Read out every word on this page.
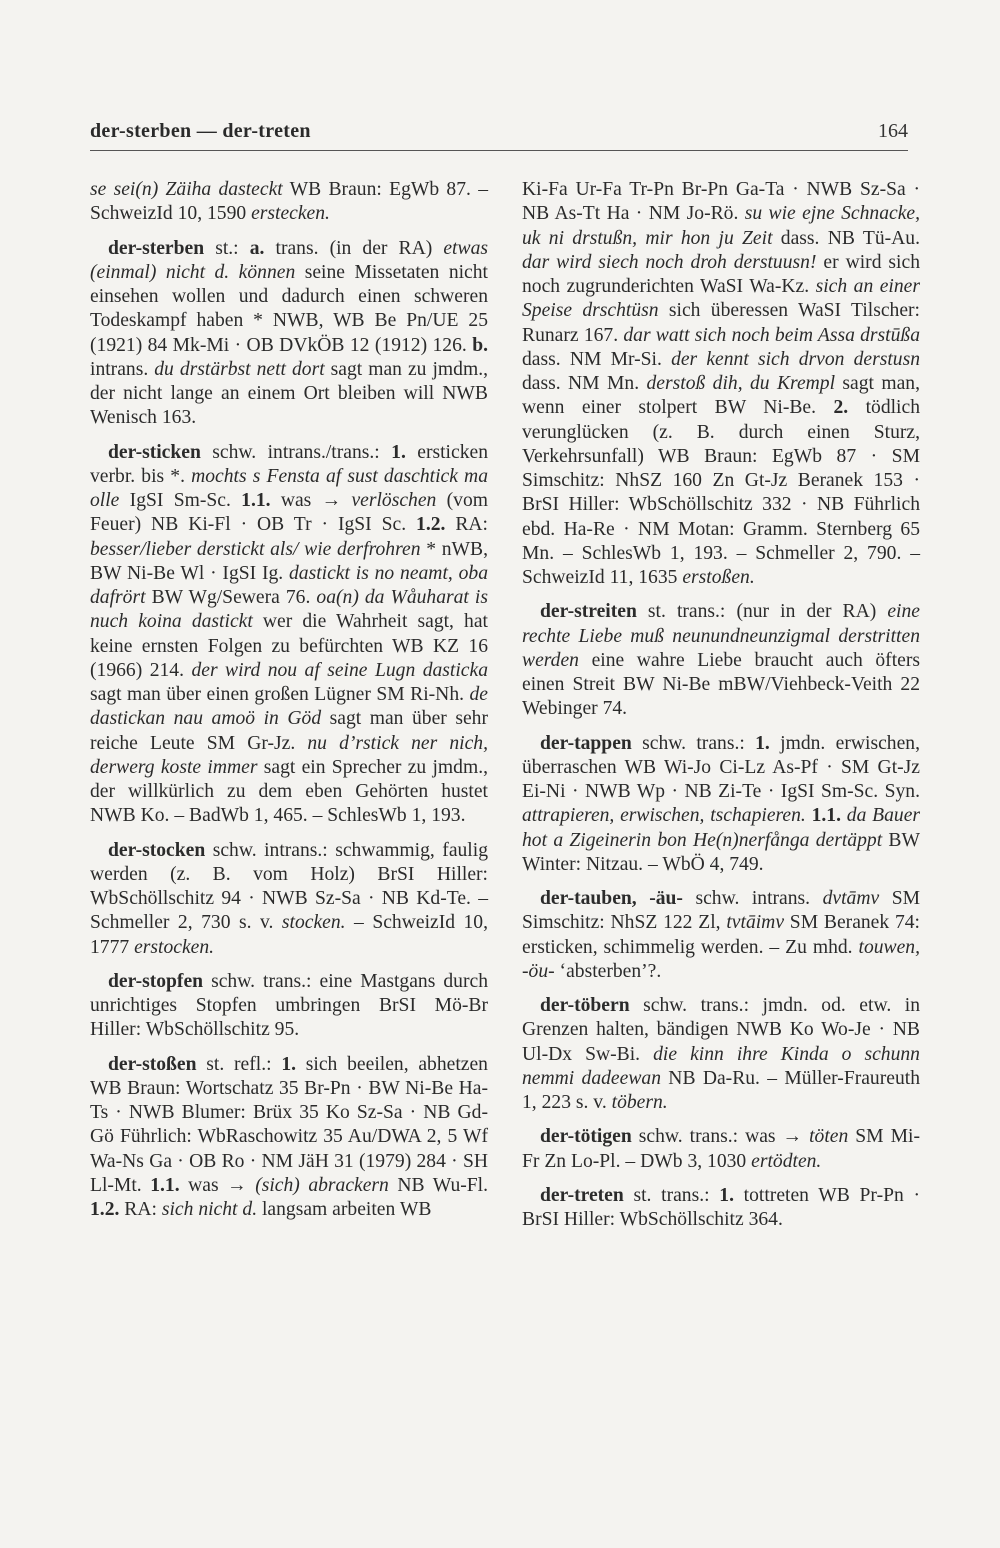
der-sterben — der-treten	164

se sei(n) Zäiha dasteckt WB Braun: EgWb 87. – SchweizId 10, 1590 erstecken.

der-sterben st.: a. trans. (in der RA) etwas (einmal) nicht d. können seine Missetaten nicht einsehen wollen und dadurch einen schweren Todeskampf haben * NWB, WB Be Pn/UE 25 (1921) 84 Mk-Mi · OB DVkÖB 12 (1912) 126. b. intrans. du drstärbst nett dort sagt man zu jmdm., der nicht lange an einem Ort bleiben will NWB Wenisch 163.

der-sticken schw. intrans./trans.: 1. ersticken verbr. bis *. mochts s Fensta af sust daschtick ma olle IgSI Sm-Sc. 1.1. was → verlöschen (vom Feuer) NB Ki-Fl · OB Tr · IgSI Sc. 1.2. RA: besser/lieber derstickt als/ wie derfrohren * nWB, BW Ni-Be Wl · IgSI Ig. dastickt is no neamt, oba dafrört BW Wg/Sewera 76. oa(n) da Wåuharat is nuch koina dastickt wer die Wahrheit sagt, hat keine ernsten Folgen zu befürchten WB KZ 16 (1966) 214. der wird nou af seine Lugn dasticka sagt man über einen großen Lügner SM Ri-Nh. de dastickan nau amoö in Göd sagt man über sehr reiche Leute SM Gr-Jz. nu d’rstick ner nich, derwerg koste immer sagt ein Sprecher zu jmdm., der willkürlich zu dem eben Gehörten hustet NWB Ko. – BadWb 1, 465. – SchlesWb 1, 193.

der-stocken schw. intrans.: schwammig, faulig werden (z. B. vom Holz) BrSI Hiller: WbSchöllschitz 94 · NWB Sz-Sa · NB Kd-Te. – Schmeller 2, 730 s. v. stocken. – SchweizId 10, 1777 erstocken.

der-stopfen schw. trans.: eine Mastgans durch unrichtiges Stopfen umbringen BrSI Mö-Br Hiller: WbSchöllschitz 95.

der-stoßen st. refl.: 1. sich beeilen, abhetzen WB Braun: Wortschatz 35 Br-Pn · BW Ni-Be Ha-Ts · NWB Blumer: Brüx 35 Ko Sz-Sa · NB Gd-Gö Führlich: WbRaschowitz 35 Au/DWA 2, 5 Wf Wa-Ns Ga · OB Ro · NM JäH 31 (1979) 284 · SH Ll-Mt. 1.1. was → (sich) abrackern NB Wu-Fl. 1.2. RA: sich nicht d. langsam arbeiten WB

Ki-Fa Ur-Fa Tr-Pn Br-Pn Ga-Ta · NWB Sz-Sa · NB As-Tt Ha · NM Jo-Rö. su wie ejne Schnacke, uk ni drstußn, mir hon ju Zeit dass. NB Tü-Au. dar wird siech noch droh derstuusn! er wird sich noch zugrunderichten WaSI Wa-Kz. sich an einer Speise drschtüsn sich überessen WaSI Tilscher: Runarz 167. dar watt sich noch beim Assa drstūßa dass. NM Mr-Si. der kennt sich drvon derstusn dass. NM Mn. derstoß dih, du Krempl sagt man, wenn einer stolpert BW Ni-Be. 2. tödlich verunglücken (z. B. durch einen Sturz, Verkehrsunfall) WB Braun: EgWb 87 · SM Simschitz: NhSZ 160 Zn Gt-Jz Beranek 153 · BrSI Hiller: WbSchöllschitz 332 · NB Führlich ebd. Ha-Re · NM Motan: Gramm. Sternberg 65 Mn. – SchlesWb 1, 193. – Schmeller 2, 790. – SchweizId 11, 1635 erstoßen.

der-streiten st. trans.: (nur in der RA) eine rechte Liebe muß neunundneunzigmal derstritten werden eine wahre Liebe braucht auch öfters einen Streit BW Ni-Be mBW/Viehbeck-Veith 22 Webinger 74.

der-tappen schw. trans.: 1. jmdn. erwischen, überraschen WB Wi-Jo Ci-Lz As-Pf · SM Gt-Jz Ei-Ni · NWB Wp · NB Zi-Te · IgSI Sm-Sc. Syn. attrapieren, erwischen, tschapieren. 1.1. da Bauer hot a Zigeinerin bon He(n)nerfånga dertäppt BW Winter: Nitzau. – WbÖ 4, 749.

der-tauben, -äu- schw. intrans. dvtāmv SM Simschitz: NhSZ 122 Zl, tvtāimv SM Beranek 74: ersticken, schimmelig werden. – Zu mhd. touwen, -öu- ‘absterben’?.

der-töbern schw. trans.: jmdn. od. etw. in Grenzen halten, bändigen NWB Ko Wo-Je · NB Ul-Dx Sw-Bi. die kinn ihre Kinda o schunn nemmi dadeewan NB Da-Ru. – Müller-Fraureuth 1, 223 s. v. töbern.

der-tötigen schw. trans.: was → töten SM Mi-Fr Zn Lo-Pl. – DWb 3, 1030 ertödten.

der-treten st. trans.: 1. tottreten WB Pr-Pn · BrSI Hiller: WbSchöllschitz 364.
